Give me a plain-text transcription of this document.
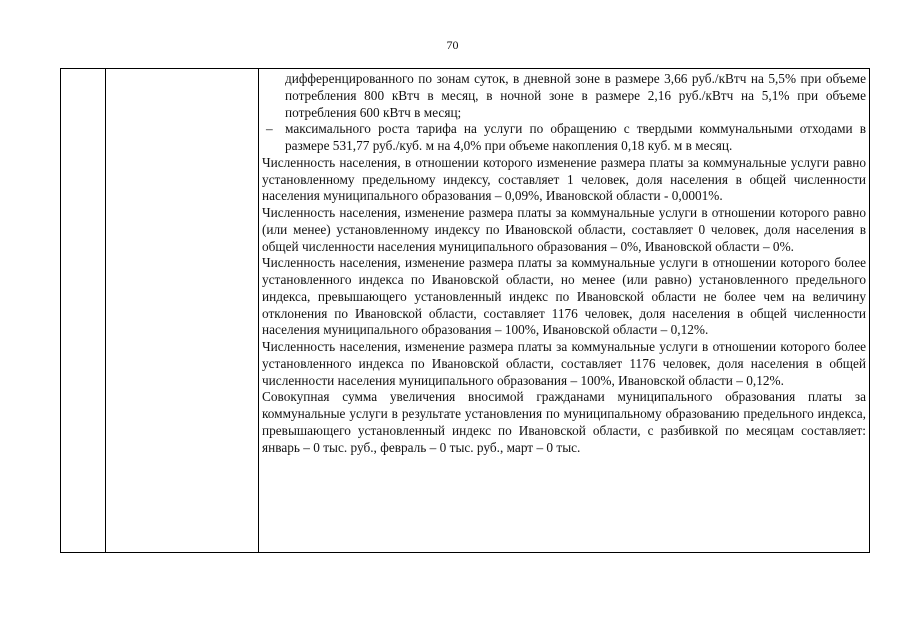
70

дифференцированного по зонам суток, в дневной зоне в размере 3,66 руб./кВтч на 5,5% при объеме потребления 800 кВтч в месяц, в ночной зоне в размере 2,16 руб./кВтч на 5,1% при объеме потребления 600 кВтч в месяц;

– максимального роста тарифа на услуги по обращению с твердыми коммунальными отходами в размере 531,77 руб./куб. м на 4,0% при объеме накопления 0,18 куб. м в месяц.

Численность населения, в отношении которого изменение размера платы за коммунальные услуги равно установленному предельному индексу, составляет 1 человек, доля населения в общей численности населения муниципального образования – 0,09%, Ивановской области - 0,0001%.

Численность населения, изменение размера платы за коммунальные услуги в отношении которого равно (или менее) установленному индексу по Ивановской области, составляет 0 человек, доля населения в общей численности населения муниципального образования – 0%, Ивановской области – 0%.

Численность населения, изменение размера платы за коммунальные услуги в отношении которого более установленного индекса по Ивановской области, но менее (или равно) установленного предельного индекса, превышающего установленный индекс по Ивановской области не более чем на величину отклонения по Ивановской области, составляет 1176 человек, доля населения в общей численности населения муниципального образования – 100%, Ивановской области – 0,12%.

Численность населения, изменение размера платы за коммунальные услуги в отношении которого более установленного индекса по Ивановской области, составляет 1176 человек, доля населения в общей численности населения муниципального образования – 100%, Ивановской области – 0,12%.

Совокупная сумма увеличения вносимой гражданами муниципального образования платы за коммунальные услуги в результате установления по муниципальному образованию предельного индекса, превышающего установленный индекс по Ивановской области, с разбивкой по месяцам составляет: январь – 0 тыс. руб., февраль – 0 тыс. руб., март – 0 тыс.
